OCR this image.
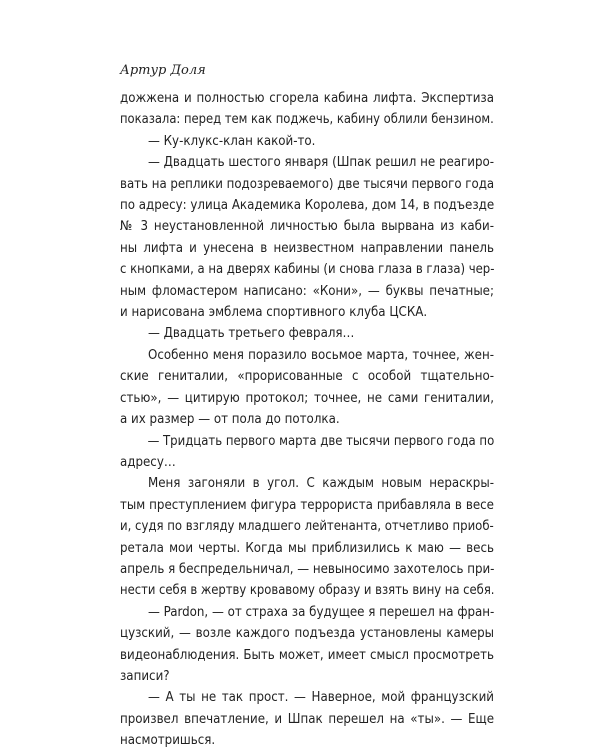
Артур Доля
дожжена и полностью сгорела кабина лифта. Экспертиза
показала: перед тем как поджечь, кабину облили бензином.
— Ку-клукс-клан какой-то.
— Двадцать шестого января (Шпак решил не реагиро-
вать на реплики подозреваемого) две тысячи первого года
по адресу: улица Академика Королева, дом 14, в подъезде
№ 3 неустановленной личностью была вырвана из каби-
ны лифта и унесена в неизвестном направлении панель
с кнопками, а на дверях кабины (и снова глаза в глаза) чер-
ным фломастером написано: «Кони», — буквы печатные;
и нарисована эмблема спортивного клуба ЦСКА.
— Двадцать третьего февраля…
Особенно меня поразило восьмое марта, точнее, жен-
ские гениталии, «прорисованные с особой тщательно-
стью», — цитирую протокол; точнее, не сами гениталии,
а их размер — от пола до потолка.
— Тридцать первого марта две тысячи первого года по
адресу…
Меня загоняли в угол. С каждым новым нераскры-
тым преступлением фигура террориста прибавляла в весе
и, судя по взгляду младшего лейтенанта, отчетливо приоб-
ретала мои черты. Когда мы приблизились к маю — весь
апрель я беспредельничал, — невыносимо захотелось при-
нести себя в жертву кровавому образу и взять вину на себя.
— Pardon, — от страха за будущее я перешел на фран-
цузский, — возле каждого подъезда установлены камеры
видеонаблюдения. Быть может, имеет смысл просмотреть
записи?
— А ты не так прост. — Наверное, мой французский
произвел впечатление, и Шпак перешел на «ты». — Еще
насмотришься.
